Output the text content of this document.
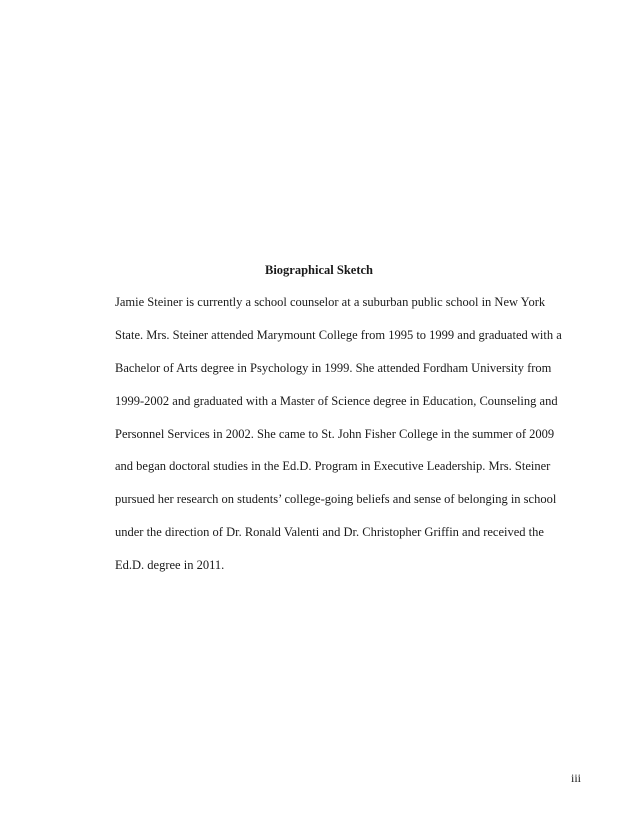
Biographical Sketch
Jamie Steiner is currently a school counselor at a suburban public school in New York
State. Mrs. Steiner attended Marymount College from 1995 to 1999 and graduated with a
Bachelor of Arts degree in Psychology in 1999. She attended Fordham University from
1999-2002 and graduated with a Master of Science degree in Education, Counseling and
Personnel Services in 2002. She came to St. John Fisher College in the summer of 2009
and began doctoral studies in the Ed.D. Program in Executive Leadership. Mrs. Steiner
pursued her research on students’ college-going beliefs and sense of belonging in school
under the direction of Dr. Ronald Valenti and Dr. Christopher Griffin and received the
Ed.D. degree in 2011.
iii
